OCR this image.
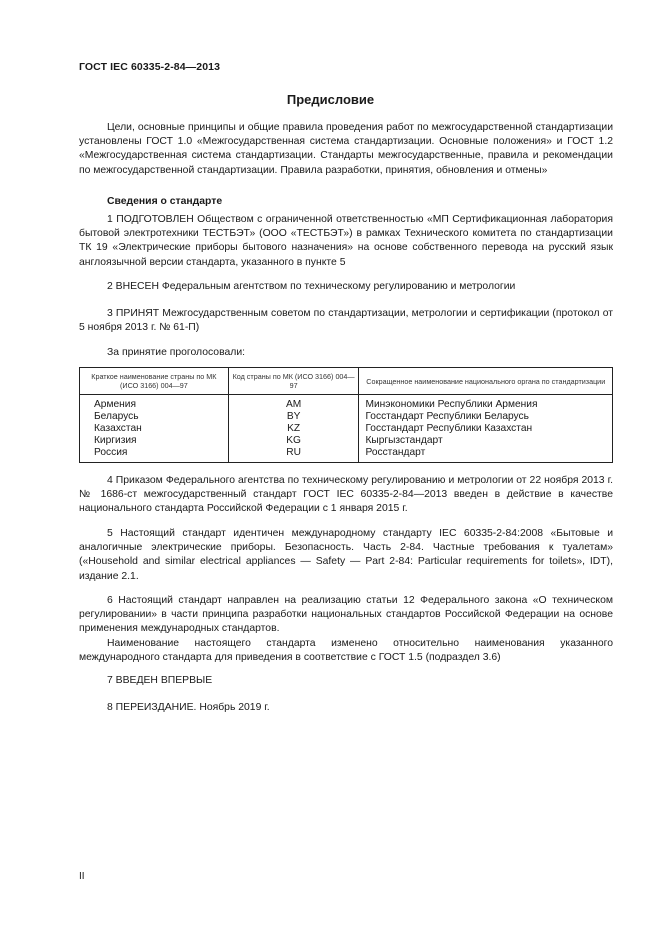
ГОСТ IEC 60335-2-84—2013
Предисловие

Цели, основные принципы и общие правила проведения работ по межгосударственной стандартизации установлены ГОСТ 1.0 «Межгосударственная система стандартизации. Основные положения» и ГОСТ 1.2 «Межгосударственная система стандартизации. Стандарты межгосударственные, правила и рекомендации по межгосударственной стандартизации. Правила разработки, принятия, обновления и отмены»

Сведения о стандарте

1 ПОДГОТОВЛЕН Обществом с ограниченной ответственностью «МП Сертификационная лаборатория бытовой электротехники ТЕСТБЭТ» (ООО «ТЕСТБЭТ») в рамках Технического комитета по стандартизации ТК 19 «Электрические приборы бытового назначения» на основе собственного перевода на русский язык англоязычной версии стандарта, указанного в пункте 5

2 ВНЕСЕН Федеральным агентством по техническому регулированию и метрологии

3 ПРИНЯТ Межгосударственным советом по стандартизации, метрологии и сертификации (протокол от 5 ноября 2013 г. № 61-П)

За принятие проголосовали:

Краткое наименование страны по МК (ИСО 3166) 004—97	Код страны по МК (ИСО 3166) 004—97	Сокращенное наименование национального органа по стандартизации
Армения	AM	Минэкономики Республики Армения
Беларусь	BY	Госстандарт Республики Беларусь
Казахстан	KZ	Госстандарт Республики Казахстан
Киргизия	KG	Кыргызстандарт
Россия	RU	Росстандарт

4 Приказом Федерального агентства по техническому регулированию и метрологии от 22 ноября 2013 г. № 1686-ст межгосударственный стандарт ГОСТ IEC 60335-2-84—2013 введен в действие в качестве национального стандарта Российской Федерации с 1 января 2015 г.

5 Настоящий стандарт идентичен международному стандарту IEC 60335-2-84:2008 «Бытовые и аналогичные электрические приборы. Безопасность. Часть 2-84. Частные требования к туалетам» («Household and similar electrical appliances — Safety — Part 2-84: Particular requirements for toilets», IDT), издание 2.1.

6 Настоящий стандарт направлен на реализацию статьи 12 Федерального закона «О техническом регулировании» в части принципа разработки национальных стандартов Российской Федерации на основе применения международных стандартов.

Наименование настоящего стандарта изменено относительно наименования указанного международного стандарта для приведения в соответствие с ГОСТ 1.5 (подраздел 3.6)

7 ВВЕДЕН ВПЕРВЫЕ

8 ПЕРЕИЗДАНИЕ. Ноябрь 2019 г.

II
